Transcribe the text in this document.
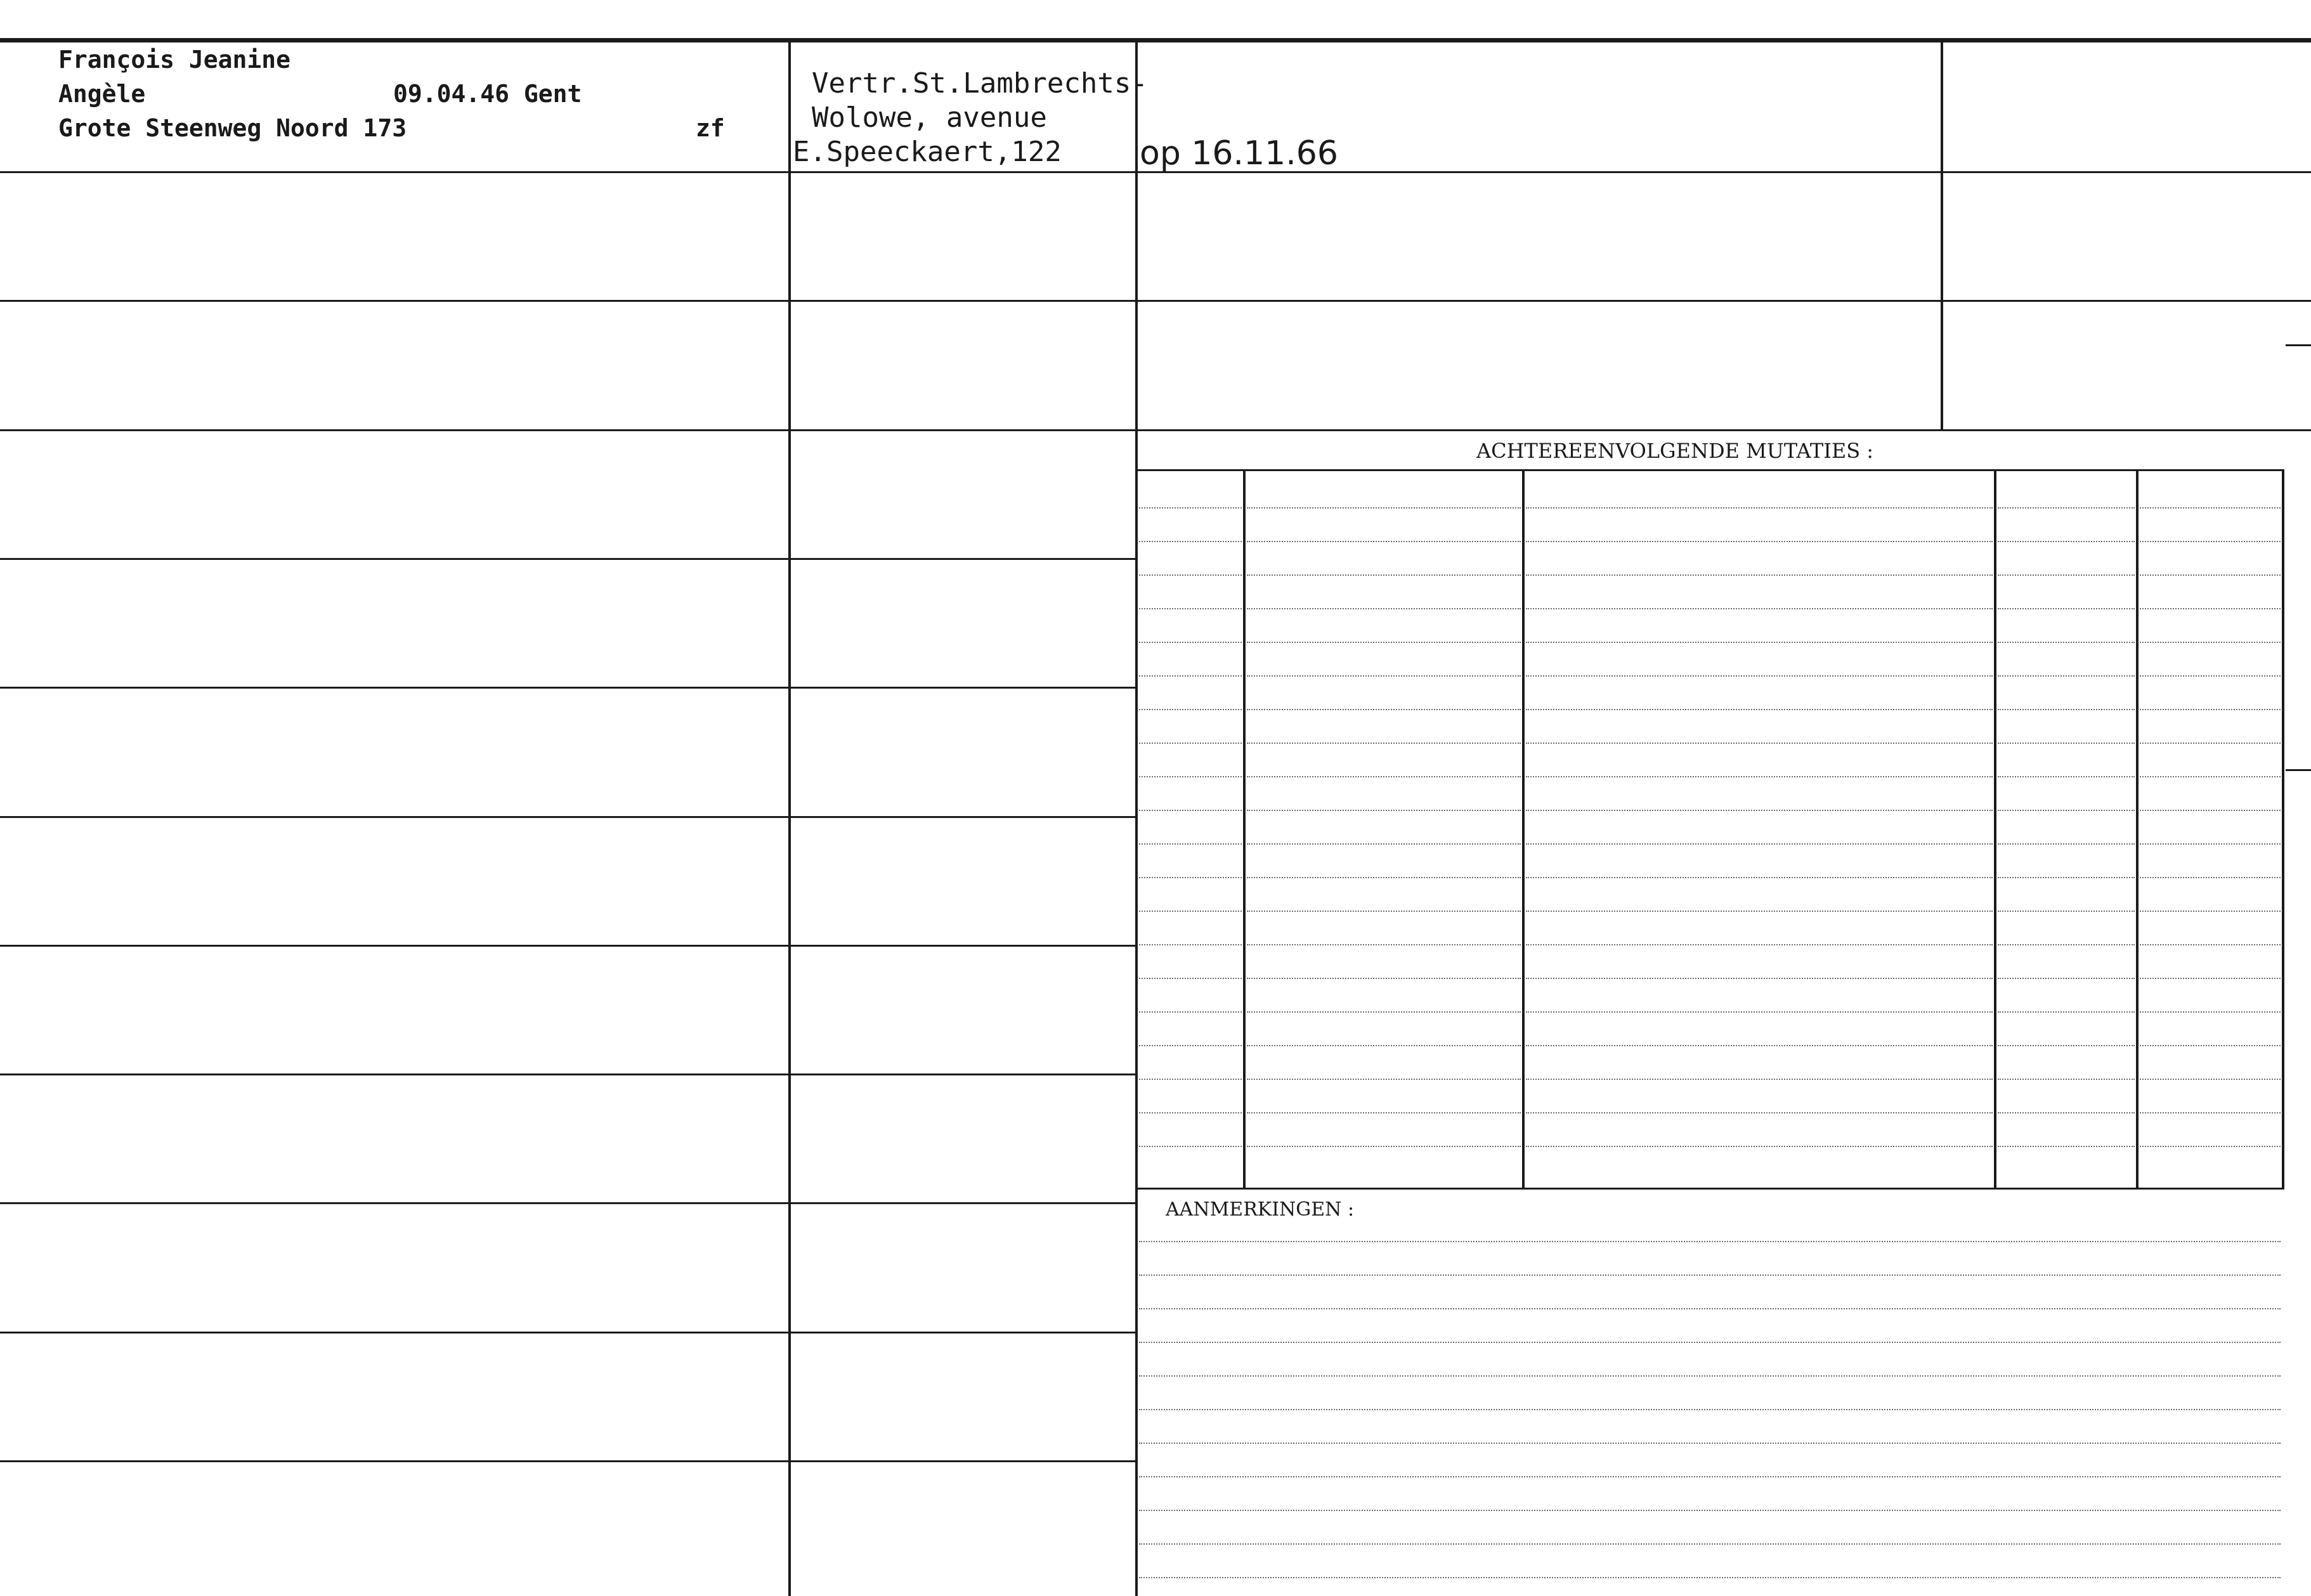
François Jeanine
Angèle	09.04.46 Gent
Grote Steenweg Noord 173	zf
Vertr.St.Lambrechts-
Wolowe, avenue
E.Speeckaert,122 op 16.11.66
ACHTEREENVOLGENDE MUTATIES :
AANMERKINGEN :
